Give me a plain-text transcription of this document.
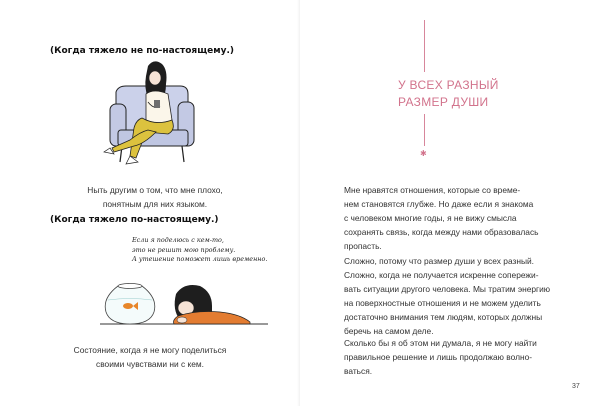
(Когда тяжело не по-настоящему.)
Ныть другим о том, что мне плохо,
понятным для них языком.
(Когда тяжело по-настоящему.)
Если я поделюсь с кем-то,
это не решит мою проблему.
А утешение поможет лишь временно.
Состояние, когда я не могу поделиться
своими чувствами ни с кем.
У ВСЕХ РАЗНЫЙ
РАЗМЕР ДУШИ
✱
Мне нравятся отношения, которые со време-
нем становятся глубже. Но даже если я знакома
с человеком многие годы, я не вижу смысла
сохранять связь, когда между нами образовалась
пропасть.
Сложно, потому что размер души у всех разный.
Сложно, когда не получается искренне сопережи-
вать ситуации другого человека. Мы тратим энергию
на поверхностные отношения и не можем уделить
достаточно внимания тем людям, которых должны
беречь на самом деле.
Сколько бы я об этом ни думала, я не могу найти
правильное решение и лишь продолжаю волно-
ваться.
37
